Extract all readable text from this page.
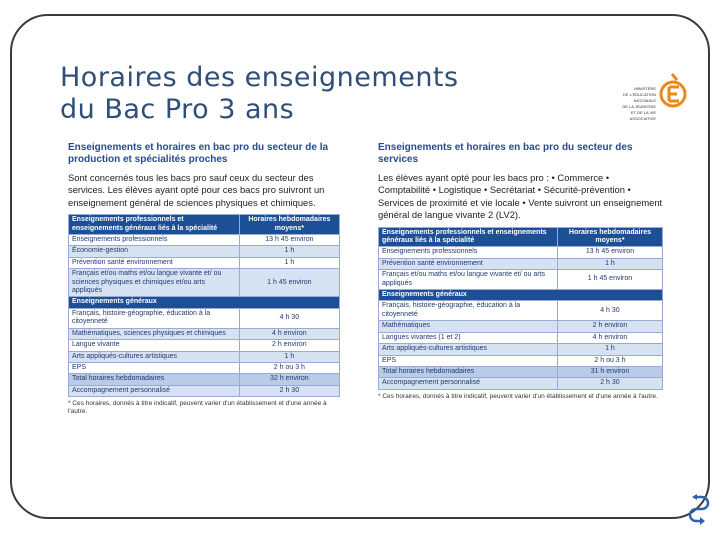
Horaires des enseignements
du Bac Pro 3 ans
MINISTÈRE
DE L'ÉDUCATION
NATIONALE
DE LA JEUNESSE ET DE LA VIE ASSOCIATIVE
Enseignements et horaires en bac pro du secteur de la production et spécialités proches
Sont concernés tous les bacs pro sauf ceux du secteur des services. Les élèves ayant opté pour ces bacs pro suivront un enseignement général de sciences physiques et chimiques.
Enseignements professionnels et enseignements généraux liés à la spécialité	Horaires hebdomadaires moyens*
Enseignements professionnels	13 h 45 environ
Économie-gestion	1 h
Prévention santé environnement	1 h
Français et/ou maths et/ou langue vivante et/ ou sciences physiques et chimiques et/ou arts appliqués	1 h 45 environ
Enseignements généraux	
Français, histoire-géographie, éducation à la citoyenneté	4 h 30
Mathématiques, sciences physiques et chimiques	4 h environ
Langue vivante	2 h environ
Arts appliqués-cultures artistiques	1 h
EPS	2 h ou 3 h
Total horaires hebdomadaires	32 h environ
Accompagnement personnalisé	2 h 30
* Ces horaires, donnés à titre indicatif, peuvent varier d'un établissement et d'une année à l'autre.
Enseignements et horaires en bac pro du secteur des services
Les élèves ayant opté pour les bacs pro : • Commerce • Comptabilité • Logistique • Secrétariat • Sécurité-prévention • Services de proximité et vie locale • Vente suivront un enseignement général de langue vivante 2 (LV2).
Enseignements professionnels et enseignements généraux liés à la spécialité	Horaires hebdomadaires moyens*
Enseignements professionnels	13 h 45 environ
Prévention santé environnement	1 h
Français et/ou maths et/ou langue vivante et/ ou arts appliqués	1 h 45 environ
Enseignements généraux	
Français, histoire-géographie, éducation à la citoyenneté	4 h 30
Mathématiques	2 h environ
Langues vivantes (1 et 2)	4 h environ
Arts appliqués-cultures artistiques	1 h
EPS	2 h ou 3 h
Total horaires hebdomadaires	31 h environ
Accompagnement personnalisé	2 h 30
* Ces horaires, donnés à titre indicatif, peuvent varier d'un établissement et d'une année à l'autre.
